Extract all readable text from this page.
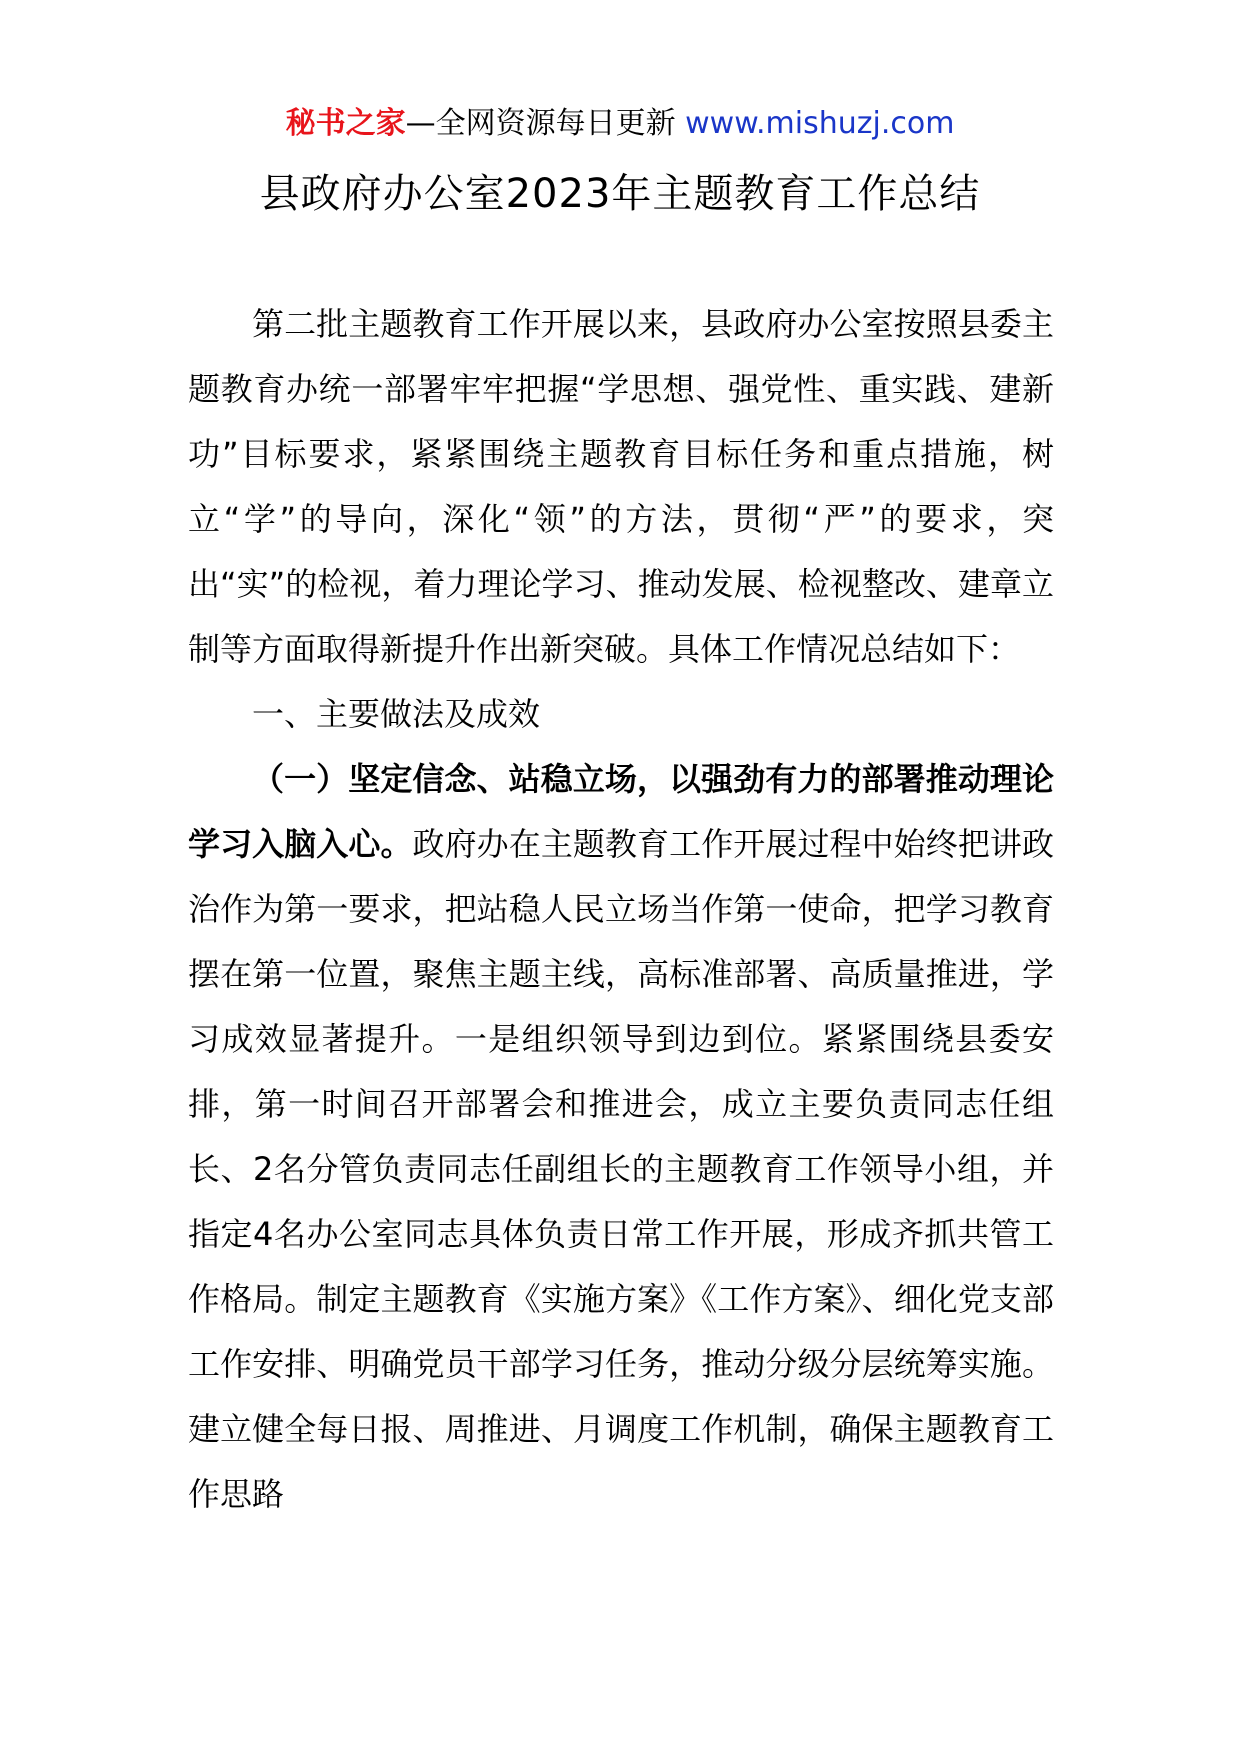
秘书之家—全网资源每日更新 www.mishuzj.com
县政府办公室2023年主题教育工作总结

第二批主题教育工作开展以来，县政府办公室按照县委主题教育办统一部署牢牢把握“学思想、强党性、重实践、建新功”目标要求，紧紧围绕主题教育目标任务和重点措施，树立“学”的导向，深化“领”的方法，贯彻“严”的要求，突出“实”的检视，着力理论学习、推动发展、检视整改、建章立制等方面取得新提升作出新突破。具体工作情况总结如下：

一、主要做法及成效

（一）坚定信念、站稳立场，以强劲有力的部署推动理论学习入脑入心。政府办在主题教育工作开展过程中始终把讲政治作为第一要求，把站稳人民立场当作第一使命，把学习教育摆在第一位置，聚焦主题主线，高标准部署、高质量推进，学习成效显著提升。一是组织领导到边到位。紧紧围绕县委安排，第一时间召开部署会和推进会，成立主要负责同志任组长、2名分管负责同志任副组长的主题教育工作领导小组，并指定4名办公室同志具体负责日常工作开展，形成齐抓共管工作格局。制定主题教育《实施方案》《工作方案》、细化党支部工作安排、明确党员干部学习任务，推动分级分层统筹实施。建立健全每日报、周推进、月调度工作机制，确保主题教育工作思路
